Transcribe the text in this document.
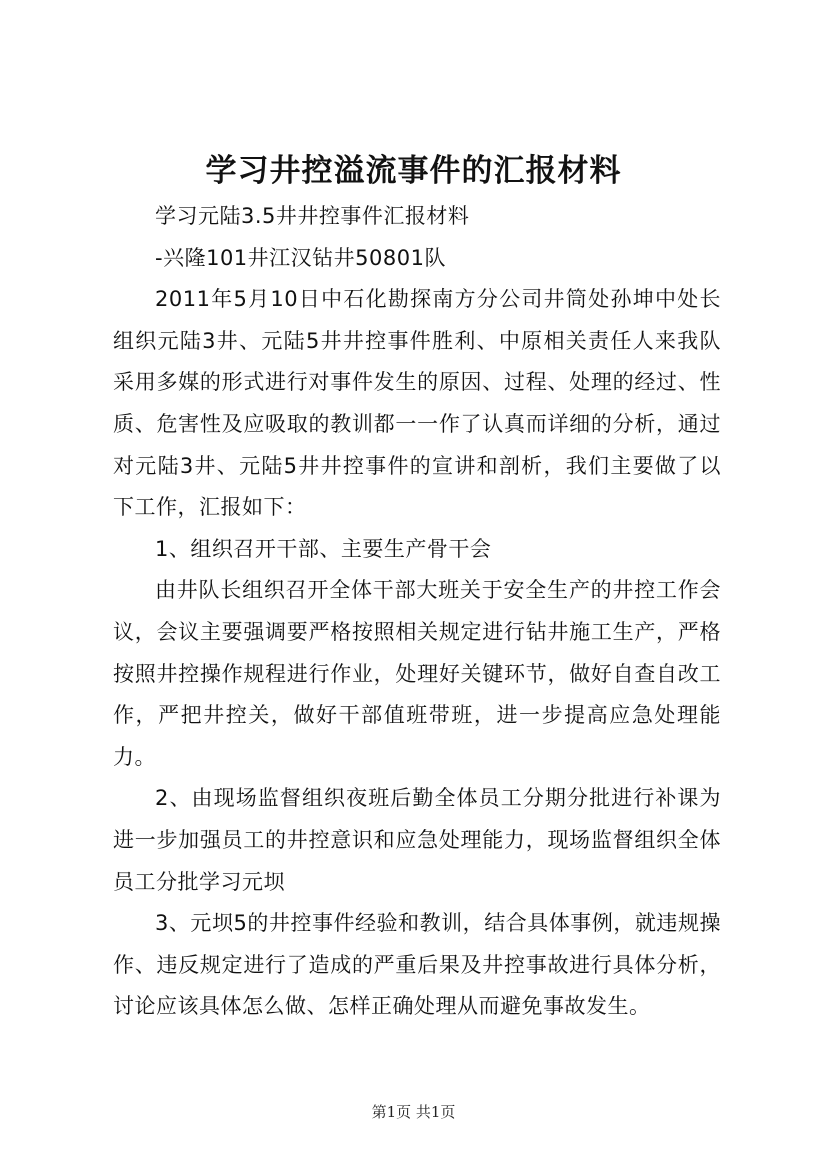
学习井控溢流事件的汇报材料

学习元陆3.5井井控事件汇报材料

-兴隆101井江汉钻井50801队

2011年5月10日中石化勘探南方分公司井筒处孙坤中处长组织元陆3井、元陆5井井控事件胜利、中原相关责任人来我队采用多媒的形式进行对事件发生的原因、过程、处理的经过、性质、危害性及应吸取的教训都一一作了认真而详细的分析，通过对元陆3井、元陆5井井控事件的宣讲和剖析，我们主要做了以下工作，汇报如下：

1、组织召开干部、主要生产骨干会

由井队长组织召开全体干部大班关于安全生产的井控工作会议，会议主要强调要严格按照相关规定进行钻井施工生产，严格按照井控操作规程进行作业，处理好关键环节，做好自查自改工作，严把井控关，做好干部值班带班，进一步提高应急处理能力。

2、由现场监督组织夜班后勤全体员工分期分批进行补课为进一步加强员工的井控意识和应急处理能力，现场监督组织全体员工分批学习元坝

3、元坝5的井控事件经验和教训，结合具体事例，就违规操作、违反规定进行了造成的严重后果及井控事故进行具体分析，讨论应该具体怎么做、怎样正确处理从而避免事故发生。

第1页 共1页
